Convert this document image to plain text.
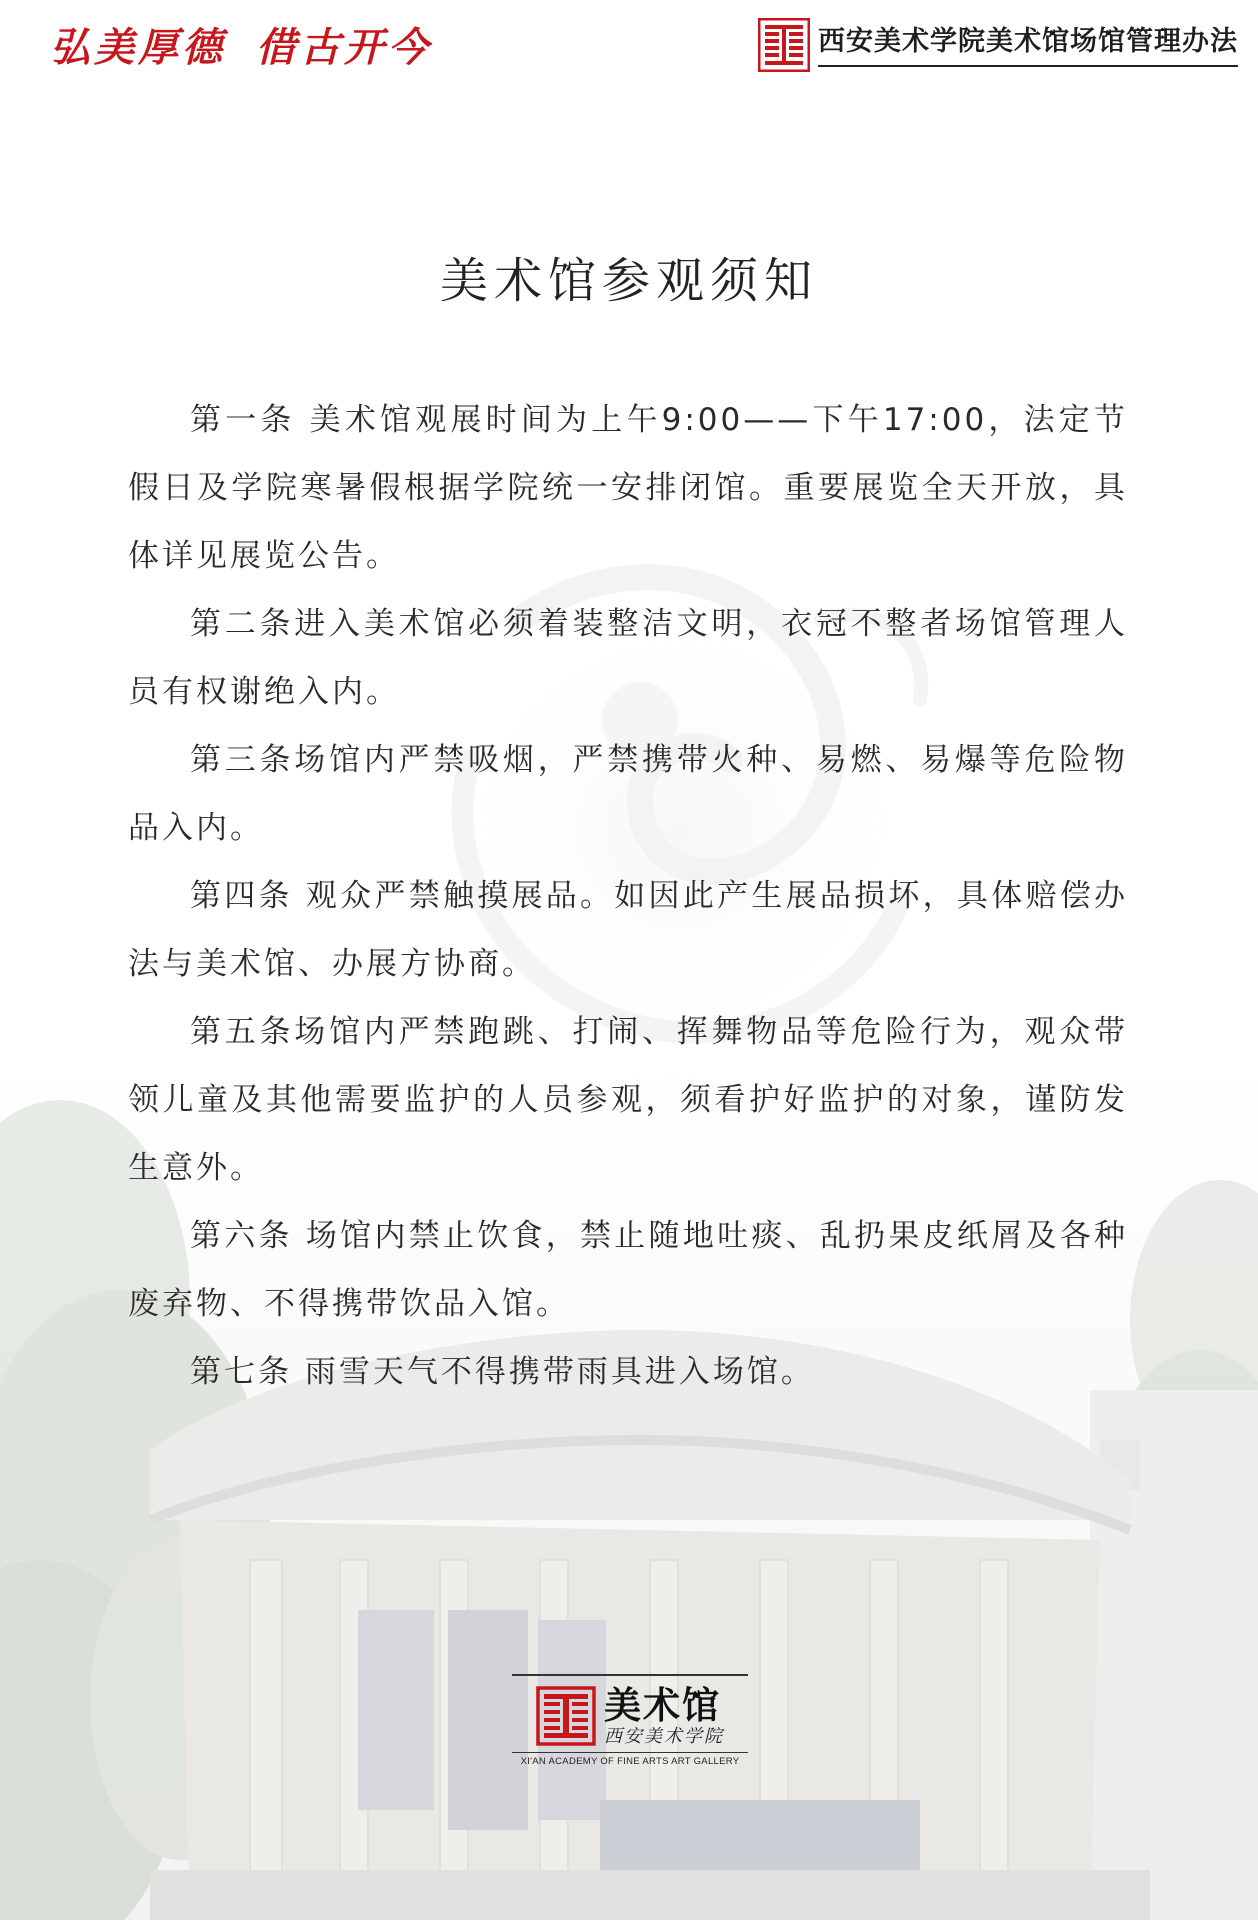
弘美厚德 借古开今	西安美术学院美术馆场馆管理办法
美术馆参观须知

第一条 美术馆观展时间为上午9:00——下午17:00，法定节假日及学院寒暑假根据学院统一安排闭馆。重要展览全天开放，具体详见展览公告。

第二条进入美术馆必须着装整洁文明，衣冠不整者场馆管理人员有权谢绝入内。

第三条场馆内严禁吸烟，严禁携带火种、易燃、易爆等危险物品入内。

第四条 观众严禁触摸展品。如因此产生展品损坏，具体赔偿办法与美术馆、办展方协商。

第五条场馆内严禁跑跳、打闹、挥舞物品等危险行为，观众带领儿童及其他需要监护的人员参观，须看护好监护的对象，谨防发生意外。

第六条 场馆内禁止饮食，禁止随地吐痰、乱扔果皮纸屑及各种废弃物、不得携带饮品入馆。

第七条 雨雪天气不得携带雨具进入场馆。

美术馆
西安美术学院
XI'AN ACADEMY OF FINE ARTS ART GALLERY
